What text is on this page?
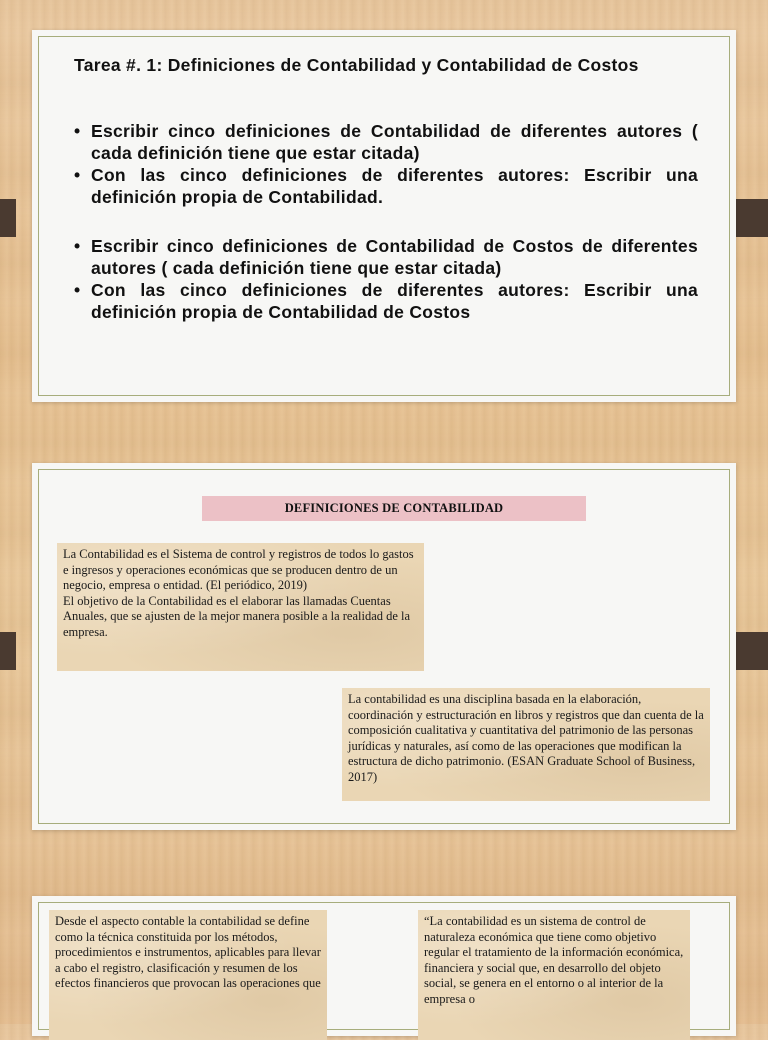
Tarea #. 1: Definiciones de Contabilidad y Contabilidad de Costos
• Escribir cinco definiciones de Contabilidad de diferentes autores ( cada definición tiene que estar citada)
• Con las cinco definiciones de diferentes autores: Escribir una definición propia de Contabilidad.
• Escribir cinco definiciones de Contabilidad de Costos de diferentes autores ( cada definición tiene que estar citada)
• Con las cinco definiciones de diferentes autores: Escribir una definición propia de Contabilidad de Costos
DEFINICIONES DE CONTABILIDAD
La Contabilidad es el Sistema de control y registros de todos lo gastos e ingresos y operaciones económicas que se producen dentro de un negocio, empresa o entidad. (El periódico, 2019)
El objetivo de la Contabilidad es el elaborar las llamadas Cuentas Anuales, que se ajusten de la mejor manera posible a la realidad de la empresa.
La contabilidad es una disciplina basada en la elaboración, coordinación y estructuración en libros y registros que dan cuenta de la composición cualitativa y cuantitativa del patrimonio de las personas jurídicas y naturales, así como de las operaciones que modifican la estructura de dicho patrimonio. (ESAN Graduate School of Business, 2017)
Desde el aspecto contable la contabilidad se define como la técnica constituida por los métodos, procedimientos e instrumentos, aplicables para llevar a cabo el registro, clasificación y resumen de los efectos financieros que provocan las operaciones que
“La contabilidad es un sistema de control de naturaleza económica que tiene como objetivo regular el tratamiento de la información económica, financiera y social que, en desarrollo del objeto social, se genera en el entorno o al interior de la empresa o
